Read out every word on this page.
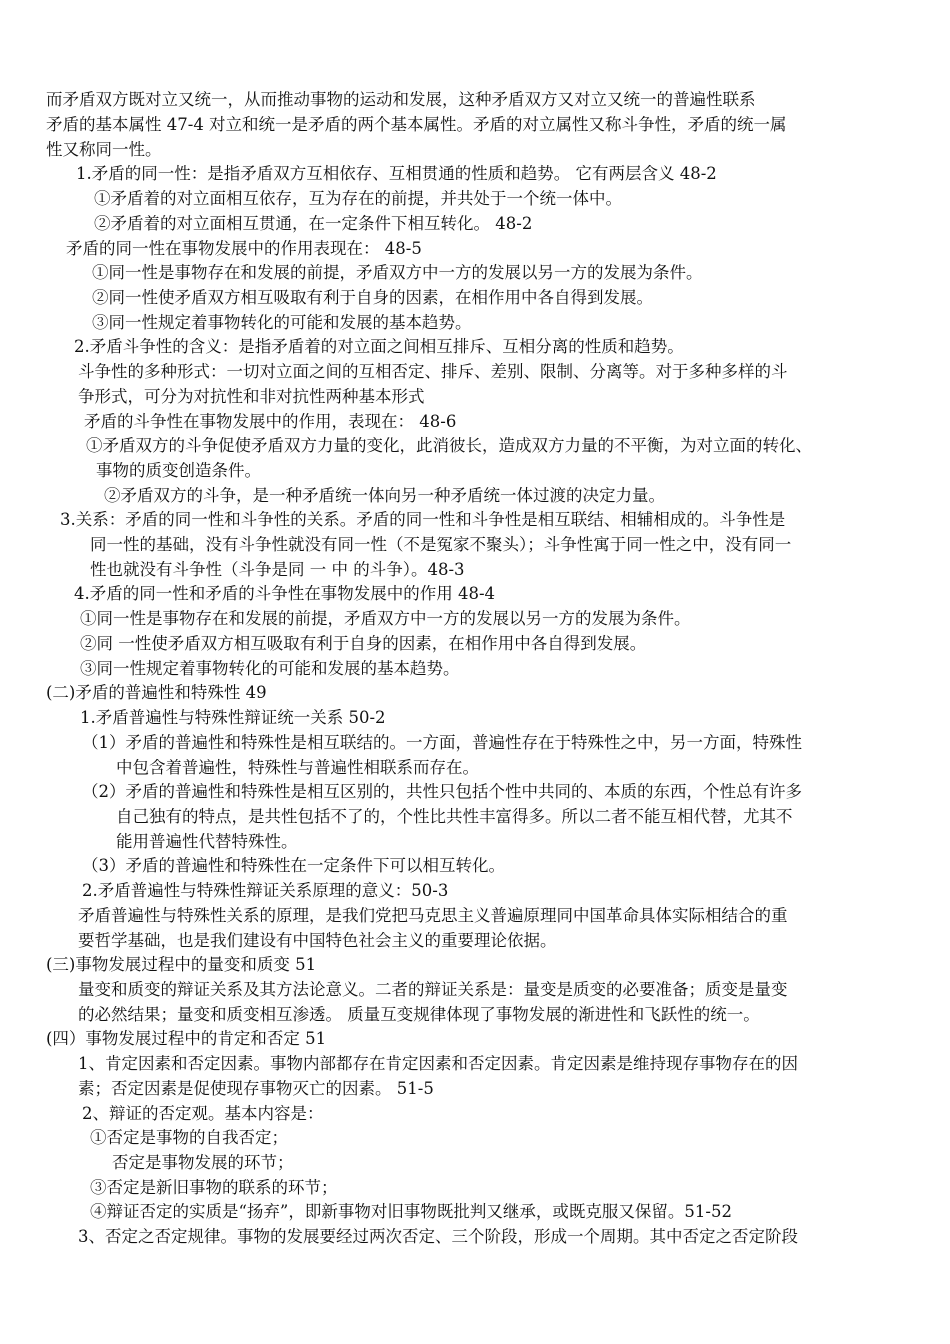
而矛盾双方既对立又统一，从而推动事物的运动和发展，这种矛盾双方又对立又统一的普遍性联系
矛盾的基本属性 47-4 对立和统一是矛盾的两个基本属性。矛盾的对立属性又称斗争性，矛盾的统一属
性又称同一性。
1.矛盾的同一性：是指矛盾双方互相依存、互相贯通的性质和趋势。 它有两层含义 48-2
①矛盾着的对立面相互依存，互为存在的前提，并共处于一个统一体中。
②矛盾着的对立面相互贯通，在一定条件下相互转化。 48-2
矛盾的同一性在事物发展中的作用表现在： 48-5
①同一性是事物存在和发展的前提，矛盾双方中一方的发展以另一方的发展为条件。
②同一性使矛盾双方相互吸取有利于自身的因素，在相作用中各自得到发展。
③同一性规定着事物转化的可能和发展的基本趋势。
2.矛盾斗争性的含义：是指矛盾着的对立面之间相互排斥、互相分离的性质和趋势。
斗争性的多种形式：一切对立面之间的互相否定、排斥、差别、限制、分离等。对于多种多样的斗
争形式，可分为对抗性和非对抗性两种基本形式
矛盾的斗争性在事物发展中的作用，表现在： 48-6
①矛盾双方的斗争促使矛盾双方力量的变化，此消彼长，造成双方力量的不平衡，为对立面的转化、
事物的质变创造条件。
②矛盾双方的斗争，是一种矛盾统一体向另一种矛盾统一体过渡的决定力量。
3.关系：矛盾的同一性和斗争性的关系。矛盾的同一性和斗争性是相互联结、相辅相成的。斗争性是
同一性的基础，没有斗争性就没有同一性（不是冤家不聚头）；斗争性寓于同一性之中，没有同一
性也就没有斗争性（斗争是同 一 中 的斗争）。48-3
4.矛盾的同一性和矛盾的斗争性在事物发展中的作用 48-4
①同一性是事物存在和发展的前提，矛盾双方中一方的发展以另一方的发展为条件。
②同 一性使矛盾双方相互吸取有利于自身的因素，在相作用中各自得到发展。
③同一性规定着事物转化的可能和发展的基本趋势。
(二)矛盾的普遍性和特殊性 49
1.矛盾普遍性与特殊性辩证统一关系 50-2
（1）矛盾的普遍性和特殊性是相互联结的。一方面，普遍性存在于特殊性之中，另一方面，特殊性
中包含着普遍性，特殊性与普遍性相联系而存在。
（2）矛盾的普遍性和特殊性是相互区别的，共性只包括个性中共同的、本质的东西，个性总有许多
自己独有的特点，是共性包括不了的，个性比共性丰富得多。所以二者不能互相代替，尤其不
能用普遍性代替特殊性。
（3）矛盾的普遍性和特殊性在一定条件下可以相互转化。
2.矛盾普遍性与特殊性辩证关系原理的意义：50-3
矛盾普遍性与特殊性关系的原理，是我们党把马克思主义普遍原理同中国革命具体实际相结合的重
要哲学基础，也是我们建设有中国特色社会主义的重要理论依据。
(三)事物发展过程中的量变和质变 51
量变和质变的辩证关系及其方法论意义。二者的辩证关系是：量变是质变的必要准备；质变是量变
的必然结果；量变和质变相互渗透。 质量互变规律体现了事物发展的渐进性和飞跃性的统一。
(四）事物发展过程中的肯定和否定 51
1、肯定因素和否定因素。事物内部都存在肯定因素和否定因素。肯定因素是维持现存事物存在的因
素；否定因素是促使现存事物灭亡的因素。 51-5
2、辩证的否定观。基本内容是：
①否定是事物的自我否定；
否定是事物发展的环节；
③否定是新旧事物的联系的环节；
④辩证否定的实质是“扬弃”，即新事物对旧事物既批判又继承，或既克服又保留。51-52
3、否定之否定规律。事物的发展要经过两次否定、三个阶段，形成一个周期。其中否定之否定阶段
